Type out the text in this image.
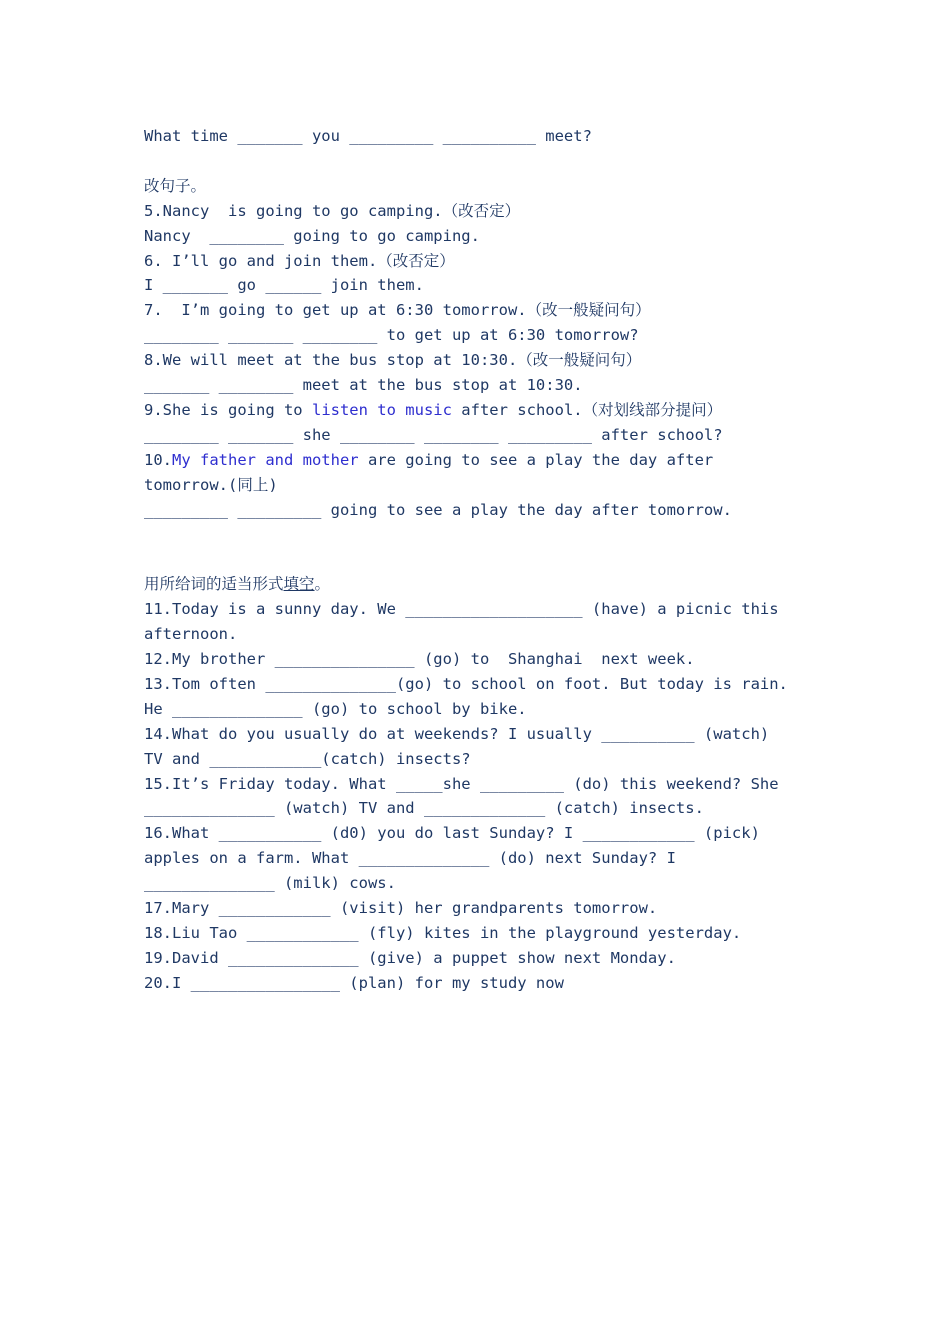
What time _______ you _________ __________ meet?

改句子。

5.Nancy  is going to go camping.（改否定）

Nancy  ________ going to go camping.

6. I’ll go and join them.（改否定）

I _______ go ______ join them.

7.  I’m going to get up at 6:30 tomorrow.（改一般疑问句）

________ _______ ________ to get up at 6:30 tomorrow?

8.We will meet at the bus stop at 10:30.（改一般疑问句）

_______ ________ meet at the bus stop at 10:30.

9.She is going to listen to music after school.（对划线部分提问）

________ _______ she ________ ________ _________ after school?

10.My father and mother are going to see a play the day after

tomorrow.(同上)

_________ _________ going to see a play the day after tomorrow.

用所给词的适当形式填空。

11.Today is a sunny day. We ___________________ (have) a picnic this

afternoon.

12.My brother _______________ (go) to  Shanghai  next week.

13.Tom often ______________(go) to school on foot. But today is rain.

He ______________ (go) to school by bike.

14.What do you usually do at weekends? I usually __________ (watch)

TV and ____________(catch) insects?

15.It’s Friday today. What _____she _________ (do) this weekend? She

______________ (watch) TV and _____________ (catch) insects.

16.What ___________ (d0) you do last Sunday? I ____________ (pick)

apples on a farm. What ______________ (do) next Sunday? I

______________ (milk) cows.

17.Mary ____________ (visit) her grandparents tomorrow.

18.Liu Tao ____________ (fly) kites in the playground yesterday.

19.David ______________ (give) a puppet show next Monday.

20.I ________________ (plan) for my study now
